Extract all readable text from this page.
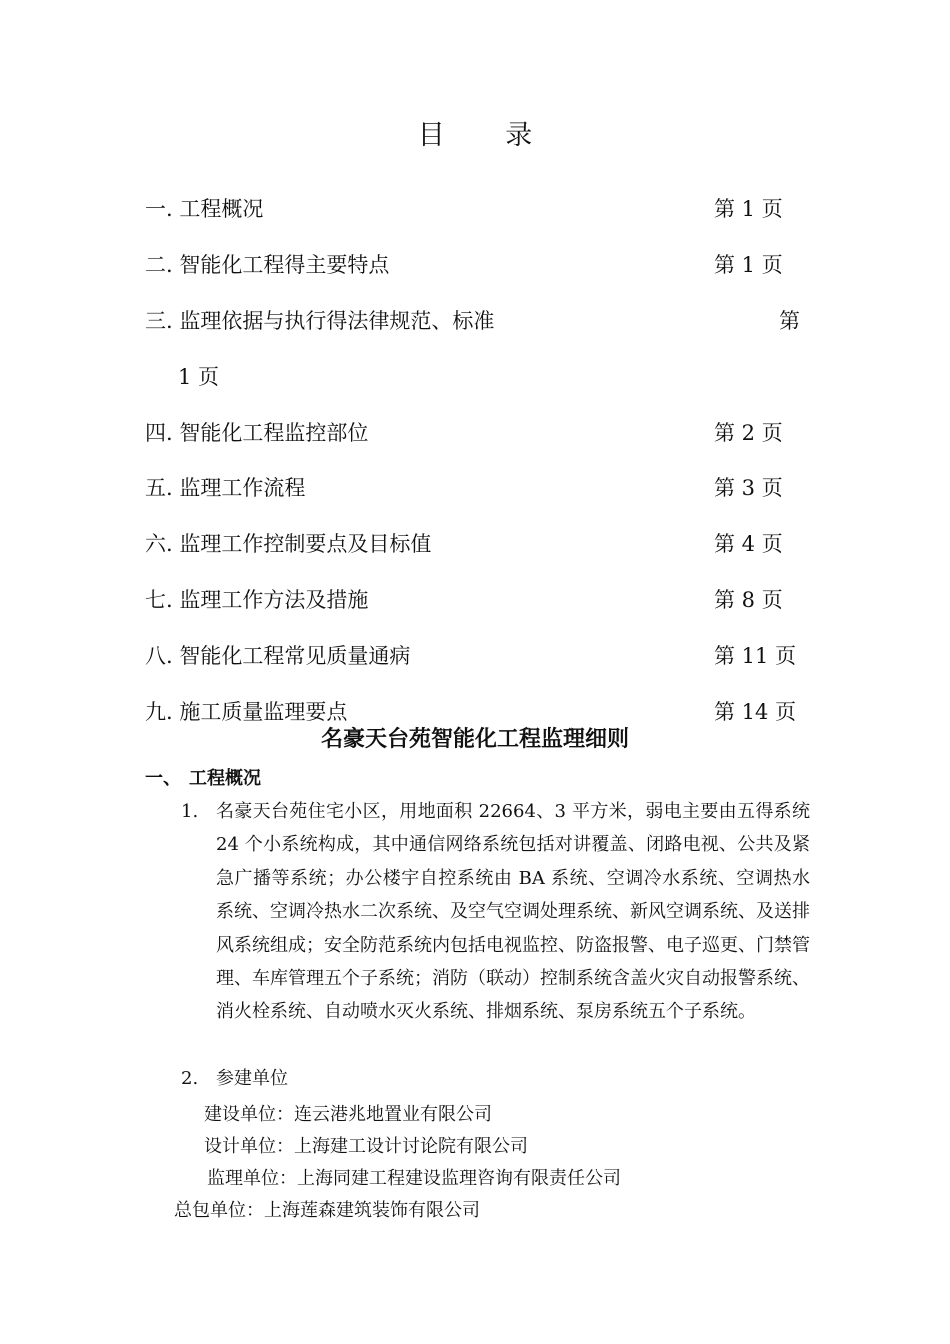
目 录
一. 工程概况	第 1 页
二. 智能化工程得主要特点	第 1 页
三. 监理依据与执行得法律规范、标准	第
1 页
四. 智能化工程监控部位	第 2 页
五. 监理工作流程	第 3 页
六. 监理工作控制要点及目标值	第 4 页
七. 监理工作方法及措施	第 8 页
八. 智能化工程常见质量通病	第 11 页
九. 施工质量监理要点	第 14 页
名豪天台苑智能化工程监理细则
一、 工程概况
1. 名豪天台苑住宅小区，用地面积 22664、3 平方米，弱电主要由五得系统 24 个小系统构成，其中通信网络系统包括对讲覆盖、闭路电视、公共及紧急广播等系统；办公楼宇自控系统由 BA 系统、空调冷水系统、空调热水系统、空调冷热水二次系统、及空气空调处理系统、新风空调系统、及送排风系统组成；安全防范系统内包括电视监控、防盗报警、电子巡更、门禁管理、车库管理五个子系统；消防（联动）控制系统含盖火灾自动报警系统、消火栓系统、自动喷水灭火系统、排烟系统、泵房系统五个子系统。
2. 参建单位
建设单位：连云港兆地置业有限公司
设计单位：上海建工设计讨论院有限公司
监理单位：上海同建工程建设监理咨询有限责任公司
总包单位：上海莲森建筑装饰有限公司
